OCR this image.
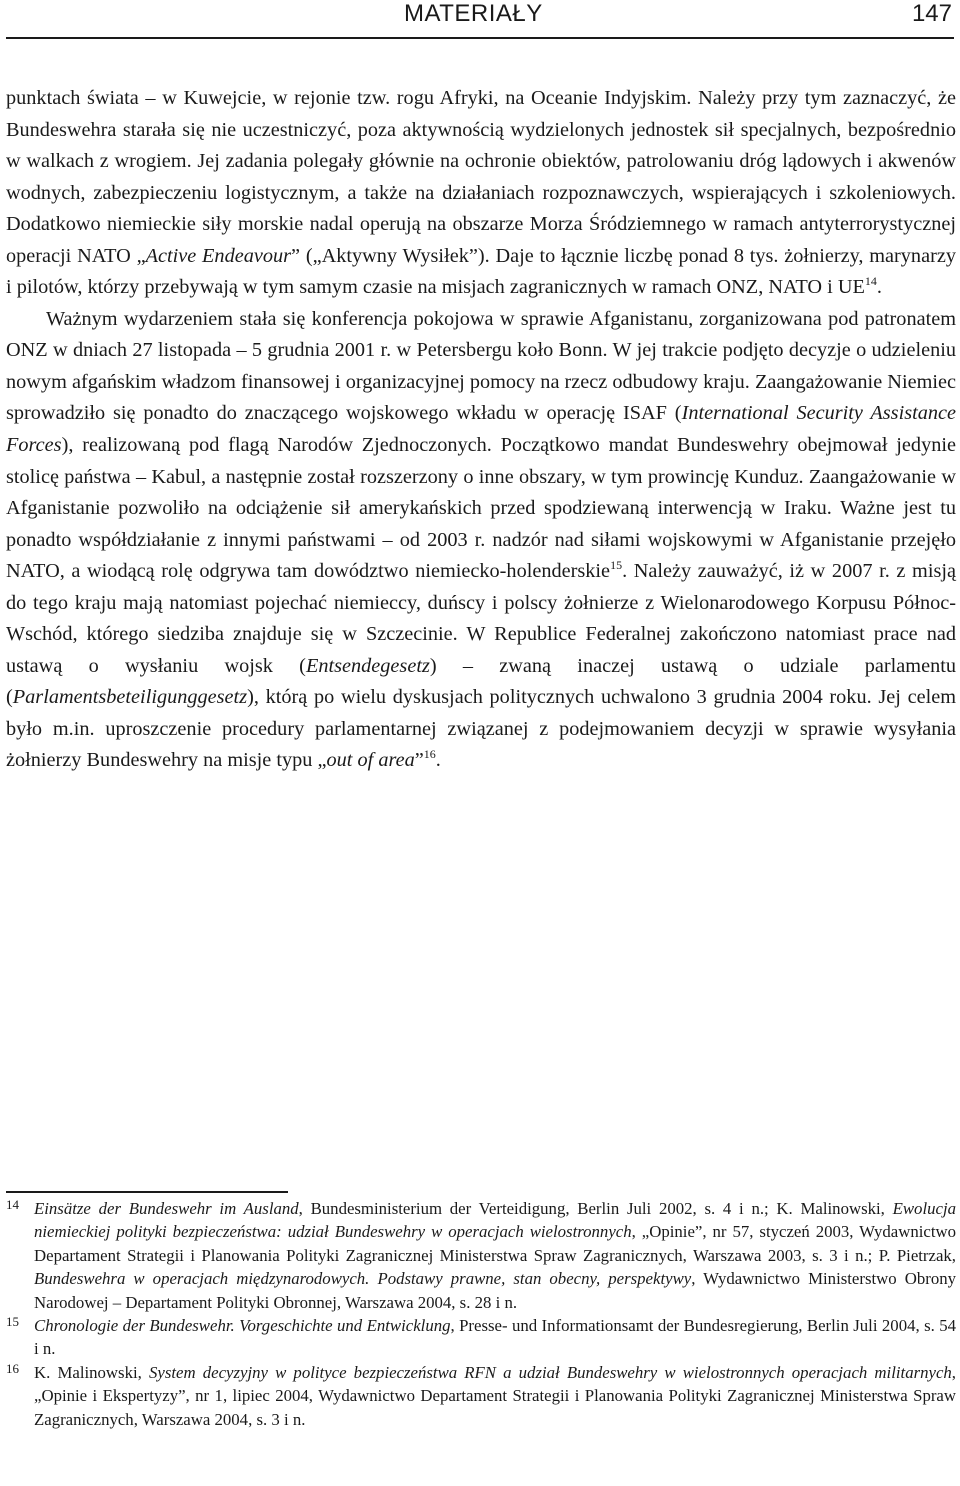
MATERIAŁY	147

punktach świata – w Kuwejcie, w rejonie tzw. rogu Afryki, na Oceanie Indyjskim. Należy przy tym zaznaczyć, że Bundeswehra starała się nie uczestniczyć, poza aktywnością wydzielonych jednostek sił specjalnych, bezpośrednio w walkach z wrogiem. Jej zadania polegały głównie na ochronie obiektów, patrolowaniu dróg lądowych i akwenów wodnych, zabezpieczeniu logistycznym, a także na działaniach rozpoznawczych, wspierających i szkoleniowych. Dodatkowo niemieckie siły morskie nadal operują na obszarze Morza Śródziemnego w ramach antyterrorystycznej operacji NATO „Active Endeavour” („Aktywny Wysiłek”). Daje to łącznie liczbę ponad 8 tys. żołnierzy, marynarzy i pilotów, którzy przebywają w tym samym czasie na misjach zagranicznych w ramach ONZ, NATO i UE$^{14}$.

Ważnym wydarzeniem stała się konferencja pokojowa w sprawie Afganistanu, zorganizowana pod patronatem ONZ w dniach 27 listopada – 5 grudnia 2001 r. w Petersbergu koło Bonn. W jej trakcie podjęto decyzje o udzieleniu nowym afgańskim władzom finansowej i organizacyjnej pomocy na rzecz odbudowy kraju. Zaangażowanie Niemiec sprowadziło się ponadto do znaczącego wojskowego wkładu w operację ISAF (International Security Assistance Forces), realizowaną pod flagą Narodów Zjednoczonych. Początkowo mandat Bundeswehry obejmował jedynie stolicę państwa – Kabul, a następnie został rozszerzony o inne obszary, w tym prowincję Kunduz. Zaangażowanie w Afganistanie pozwoliło na odciążenie sił amerykańskich przed spodziewaną interwencją w Iraku. Ważne jest tu ponadto współdziałanie z innymi państwami – od 2003 r. nadzór nad siłami wojskowymi w Afganistanie przejęło NATO, a wiodącą rolę odgrywa tam dowództwo niemiecko-holenderskie$^{15}$. Należy zauważyć, iż w 2007 r. z misją do tego kraju mają natomiast pojechać niemieccy, duńscy i polscy żołnierze z Wielonarodowego Korpusu Północ-Wschód, którego siedziba znajduje się w Szczecinie. W Republice Federalnej zakończono natomiast prace nad ustawą o wysłaniu wojsk (Entsendegesetz) – zwaną inaczej ustawą o udziale parlamentu (Parlamentsbeteiligunggesetz), którą po wielu dyskusjach politycznych uchwalono 3 grudnia 2004 roku. Jej celem było m.in. uproszczenie procedury parlamentarnej związanej z podejmowaniem decyzji w sprawie wysyłania żołnierzy Bundeswehry na misje typu „out of area”$^{16}$.

14 Einsätze der Bundeswehr im Ausland, Bundesministerium der Verteidigung, Berlin Juli 2002, s. 4 i n.; K. Malinowski, Ewolucja niemieckiej polityki bezpieczeństwa: udział Bundeswehry w operacjach wielostronnych, „Opinie”, nr 57, styczeń 2003, Wydawnictwo Departament Strategii i Planowania Polityki Zagranicznej Ministerstwa Spraw Zagranicznych, Warszawa 2003, s. 3 i n.; P. Pietrzak, Bundeswehra w operacjach międzynarodowych. Podstawy prawne, stan obecny, perspektywy, Wydawnictwo Ministerstwo Obrony Narodowej – Departament Polityki Obronnej, Warszawa 2004, s. 28 i n.

15 Chronologie der Bundeswehr. Vorgeschichte und Entwicklung, Presse- und Informationsamt der Bundesregierung, Berlin Juli 2004, s. 54 i n.

16 K. Malinowski, System decyzyjny w polityce bezpieczeństwa RFN a udział Bundeswehry w wielostronnych operacjach militarnych, „Opinie i Ekspertyzy”, nr 1, lipiec 2004, Wydawnictwo Departament Strategii i Planowania Polityki Zagranicznej Ministerstwa Spraw Zagranicznych, Warszawa 2004, s. 3 i n.
